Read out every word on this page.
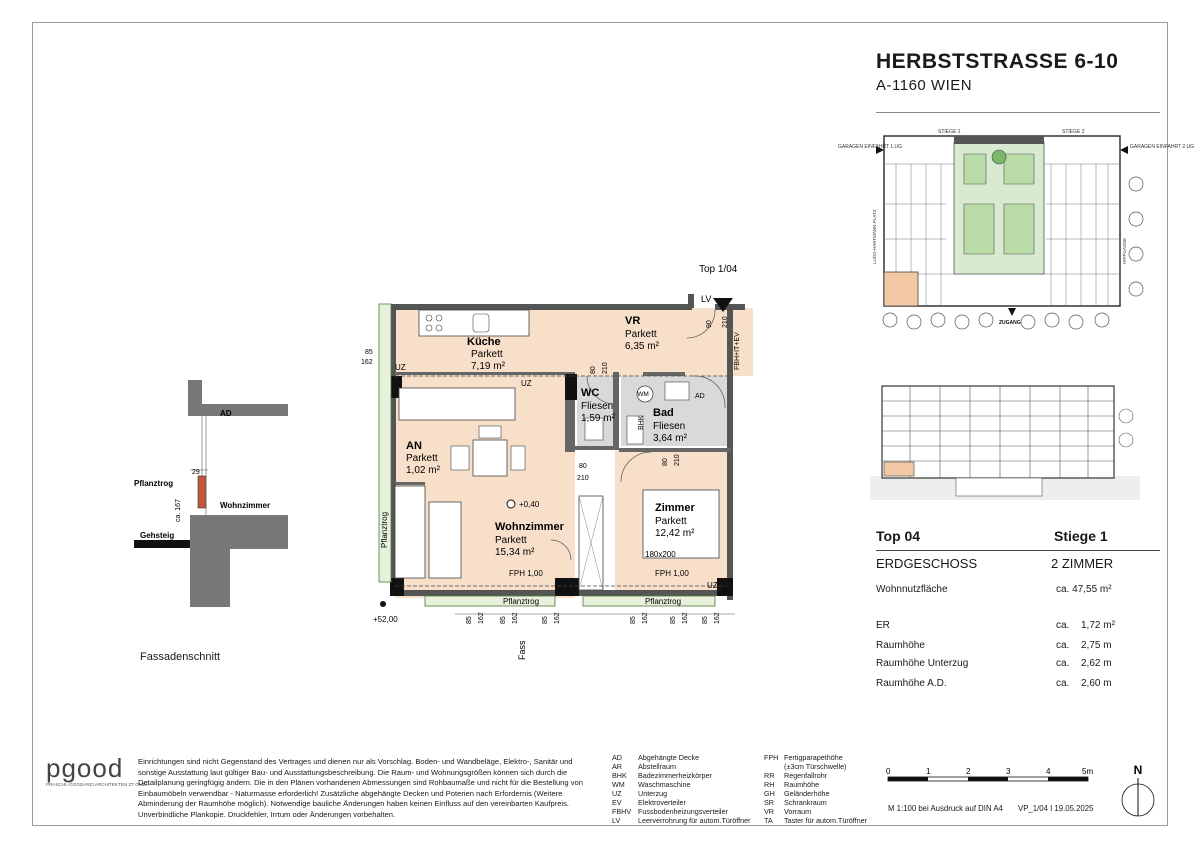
HERBSTSTRASSE 6-10
A-1160 WIEN
STIEGE 1	STIEGE 2
GARAGEN EINFAHRT 1.UG	GARAGEN EINFAHRT 2.UG
ZUGANG
LUDO-HARTMANN-PLATZ	HIPPGASSE
Top 04	Stiege 1
ERDGESCHOSS	2 ZIMMER
Wohnnutzfläche	ca. 47,55 m²
ER	ca. 1,72 m²
Raumhöhe	ca. 2,75 m
Raumhöhe Unterzug	ca. 2,62 m
Raumhöhe A.D.	ca. 2,60 m
AD
29
Pflanztrog
Wohnzimmer
Gehsteig
ca. 167
Fassadenschnitt
Top 1/04
LV
Küche
Parkett
7,19 m²
VR
Parkett
6,35 m²
WC
Fliesen
1,59 m²	Bad
Fliesen
3,64 m²
AN
Parkett
1,02 m²
Wohnzimmer
Parkett
15,34 m²
Zimmer
Parkett
12,42 m²
180x200
+0,40
+52,00
UZ
UZ
UZ
FPH 1,00	FPH 1,00
Pflanztrog	Pflanztrog
Pflanztrog
WM	AD
BHK
FBH+IT+EV
Fass
85
162
80 210
90 210
80
210
80 210
85 162 85 162	85 162	85 162	85 162 85 162
pgood
PRASCHL-GOODARZI ARCHITEKTEN ZT GMBH
Einrichtungen sind nicht Gegenstand des Vertrages und dienen nur als Vorschlag. Boden- und Wandbeläge, Elektro-, Sanitär und sonstige Ausstattung laut gültiger Bau- und Ausstattungsbeschreibung. Die Raum- und Wohnungsgrößen können sich durch die Detailplanung geringfügig ändern. Die in den Plänen vorhandenen Abmessungen sind Rohbaumaße und nicht für die Bestellung von Einbaumöbeln verwendbar - Naturmasse erforderlich! Zusätzliche abgehängte Decken und Poterien nach Erfordernis (Weitere Abminderung der Raumhöhe möglich). Notwendige bauliche Änderungen haben keinen Einfluss auf den vereinbarten Kaufpreis. Unverbindliche Plankopie. Druckfehler, Irrtum oder Änderungen vorbehalten.
AD	Abgehängte Decke
AR	Abstellraum
BHK	Badezimmerheizkörper
WM	Waschmaschine
UZ	Unterzug
EV	Elektroverteiler
FBHV Fussbodenheizungsverteiler
LV	Leerverrohrung für autom.Türöffner
FPH Fertigparapethöhe
(±3cm Türschwelle)
RR	Regenfallrohr
RH	Raumhöhe
GH	Geländerhöhe
SR	Schrankraum
VR	Vorraum
TA	Taster für autom.Türöffner
0	1	2	3	4	5m
M 1:100 bei Ausdruck auf DIN A4 VP_1/04 I 19.05.2025
N
